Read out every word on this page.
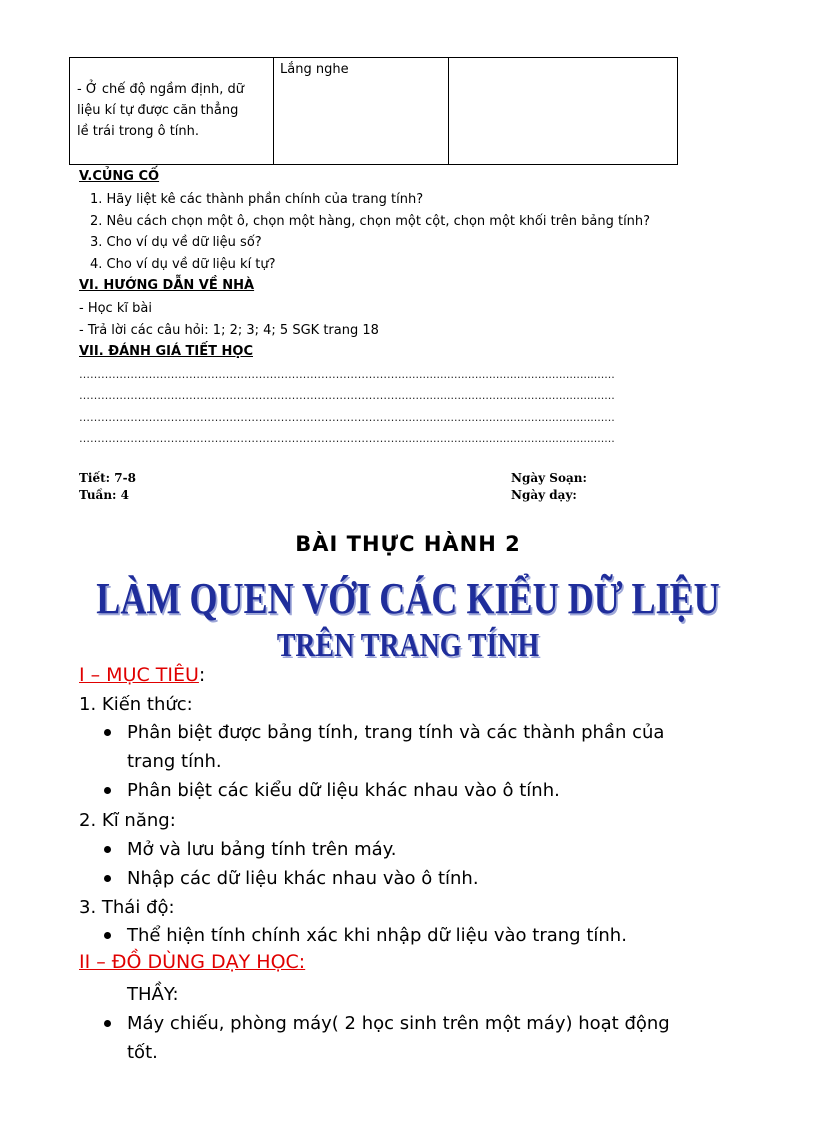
- Ở chế độ ngầm định, dữ
liệu kí tự được căn thẳng
lề trái trong ô tính.
Lắng nghe
V.CỦNG CỐ
1. Hãy liệt kê các thành phần chính của trang tính?
2. Nêu cách chọn một ô, chọn một hàng, chọn một cột, chọn một khối trên bảng tính?
3. Cho ví dụ về dữ liệu số?
4. Cho ví dụ về dữ liệu kí tự?
VI. HƯỚNG DẪN VỀ NHÀ
- Học kĩ bài
- Trả lời các câu hỏi: 1; 2; 3; 4; 5 SGK trang 18
VII. ĐÁNH GIÁ TIẾT HỌC
……………………………………………………………………………..............................................................
……………………………………………………………………………..............................................................
……………………………………………………………………………..............................................................
……………………………………………………………………………..............................................................
Tiết: 7-8
Tuần: 4
Ngày Soạn:
Ngày dạy:
BÀI THỰC HÀNH 2
LÀM QUEN VỚI CÁC KIỂU DỮ LIỆU
TRÊN TRANG TÍNH
I – MỤC TIÊU:
1. Kiến thức:
Phân biệt được bảng tính, trang tính và các thành phần của
trang tính.
Phân biệt các kiểu dữ liệu khác nhau vào ô tính.
2. Kĩ năng:
Mở và lưu bảng tính trên máy.
Nhập các dữ liệu khác nhau vào ô tính.
3. Thái độ:
Thể hiện tính chính xác khi nhập dữ liệu vào trang tính.
II – ĐỒ DÙNG DẠY HỌC:
THẦY:
Máy chiếu, phòng máy( 2 học sinh trên một máy) hoạt động
tốt.
